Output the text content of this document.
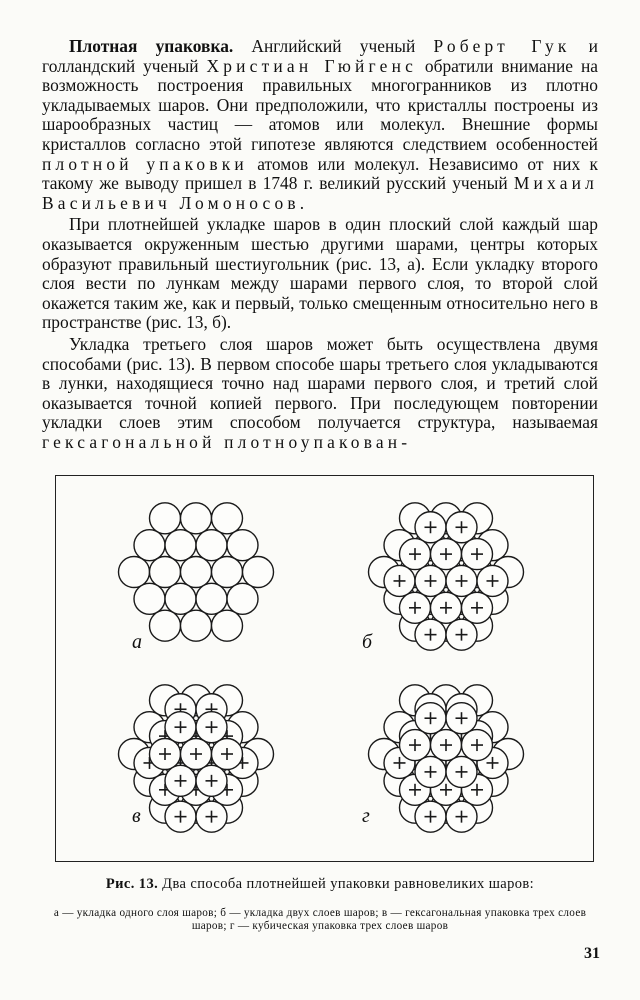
Плотная упаковка. Английский ученый Роберт Гук и голландский ученый Христиан Гюйгенс обратили внимание на возможность построения правильных многогранников из плотно укладываемых шаров. Они предположили, что кристаллы построены из шарообразных частиц — атомов или молекул. Внешние формы кристаллов согласно этой гипотезе являются следствием особенностей плотной упаковки атомов или молекул. Независимо от них к такому же выводу пришел в 1748 г. великий русский ученый Михаил Васильевич Ломоносов.

При плотнейшей укладке шаров в один плоский слой каждый шар оказывается окруженным шестью другими шарами, центры которых образуют правильный шестиугольник (рис. 13, а). Если укладку второго слоя вести по лункам между шарами первого слоя, то второй слой окажется таким же, как и первый, только смещенным относительно него в пространстве (рис. 13, б).

Укладка третьего слоя шаров может быть осуществлена двумя способами (рис. 13). В первом способе шары третьего слоя укладываются в лунки, находящиеся точно над шарами первого слоя, и третий слой оказывается точной копией первого. При последующем повторении укладки слоев этим способом получается структура, называемая гексагональной плотноупакован-

а	б
в	г
Рис. 13. Два способа плотнейшей упаковки равновеликих шаров:
а — укладка одного слоя шаров; б — укладка двух слоев шаров; в — гексагональная упаковка трех слоев шаров; г — кубическая упаковка трех слоев шаров
31
